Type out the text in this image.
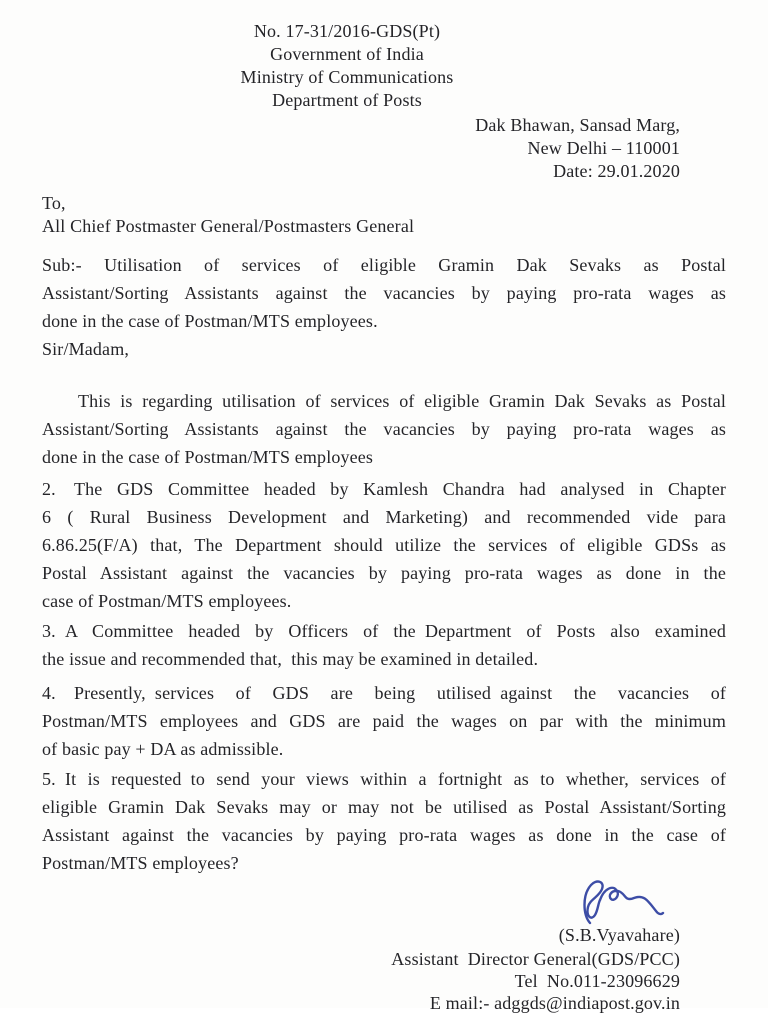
No. 17-31/2016-GDS(Pt)
Government of India
Ministry of Communications
Department of Posts
Dak Bhawan, Sansad Marg,
New Delhi – 110001
Date: 29.01.2020
To,
All Chief Postmaster General/Postmasters General
Sub:- Utilisation of services of eligible Gramin Dak Sevaks as Postal
Assistant/Sorting Assistants against the vacancies by paying pro-rata wages as
done in the case of Postman/MTS employees.
Sir/Madam,
This is regarding utilisation of services of eligible Gramin Dak Sevaks as Postal
Assistant/Sorting Assistants against the vacancies by paying pro-rata wages as
done in the case of Postman/MTS employees
2. The GDS Committee headed by Kamlesh Chandra had analysed in Chapter
6 ( Rural Business Development and Marketing) and recommended vide para
6.86.25(F/A) that, The Department should utilize the services of eligible GDSs as
Postal Assistant against the vacancies by paying pro-rata wages as done in the
case of Postman/MTS employees.
3. A Committee headed by Officers of the Department of Posts also examined
the issue and recommended that, this may be examined in detailed.
4. Presently, services of GDS are being utilised against the vacancies of
Postman/MTS employees and GDS are paid the wages on par with the minimum
of basic pay + DA as admissible.
5. It is requested to send your views within a fortnight as to whether, services of
eligible Gramin Dak Sevaks may or may not be utilised as Postal Assistant/Sorting
Assistant against the vacancies by paying pro-rata wages as done in the case of
Postman/MTS employees?
(S.B.Vyavahare)
Assistant Director General(GDS/PCC)
Tel No.011-23096629
E mail:- adggds@indiapost.gov.in
